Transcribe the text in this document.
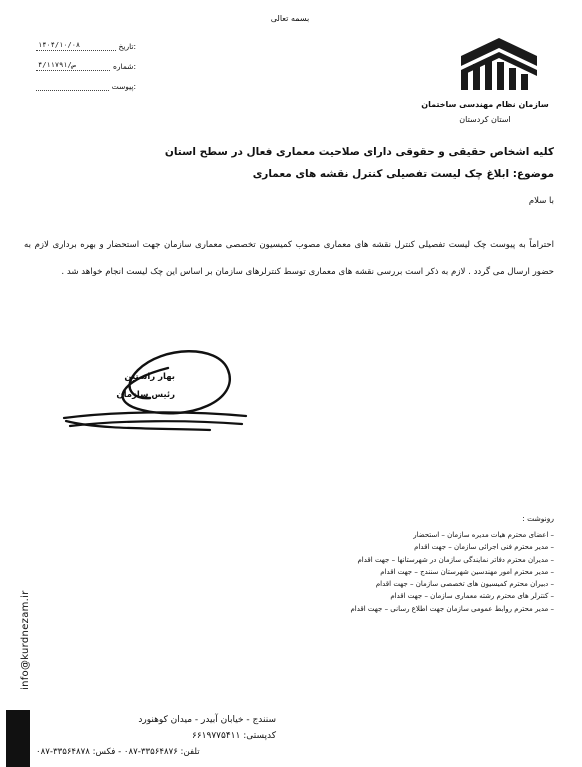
بسمه تعالی
۱۴۰۴/۱۰/۰۸	تاریخ:
۴/۱۱۷۹۱/ص	شماره:
پیوست:
سازمان نظام مهندسی ساختمان
استان کردستان
کلیه اشخاص حقیقی و حقوقی دارای صلاحیت معماری فعال در سطح استان
موضوع: ابلاغ چک لیست تفصیلی کنترل نقشه های معماری
با سلام
احتراماً به پیوست چک لیست تفصیلی کنترل نقشه های معماری مصوب کمیسیون تخصصی معماری سازمان جهت استحضار و بهره برداری لازم به حضور ارسال می گردد . لازم به ذکر است بررسی نقشه های معماری توسط کنترلرهای سازمان بر اساس این چک لیست انجام خواهد شد .
بهار راستین
رئیس سازمان
رونوشت :
– اعضای محترم هیات مدیره سازمان – استحضار
– مدیر محترم فنی اجرائی سازمان – جهت اقدام
– مدیران محترم دفاتر نمایندگی سازمان در شهرستانها – جهت اقدام
– مدیر محترم امور مهندسین شهرستان سنندج – جهت اقدام
– دبیران محترم کمیسیون های تخصصی سازمان – جهت اقدام
– کنترلر های محترم رشته معماری سازمان – جهت اقدام
– مدیر محترم روابط عمومی سازمان جهت اطلاع رسانی – جهت اقدام
info@kurdnezam.ir
سنندج - خیابان آبیدر - میدان کوهنورد
کدپستی: ۶۶۱۹۷۷۵۴۱۱
تلفن: ۳۳۵۶۴۸۷۶-۰۸۷ - فکس: ۳۳۵۶۴۸۷۸-۰۸۷
